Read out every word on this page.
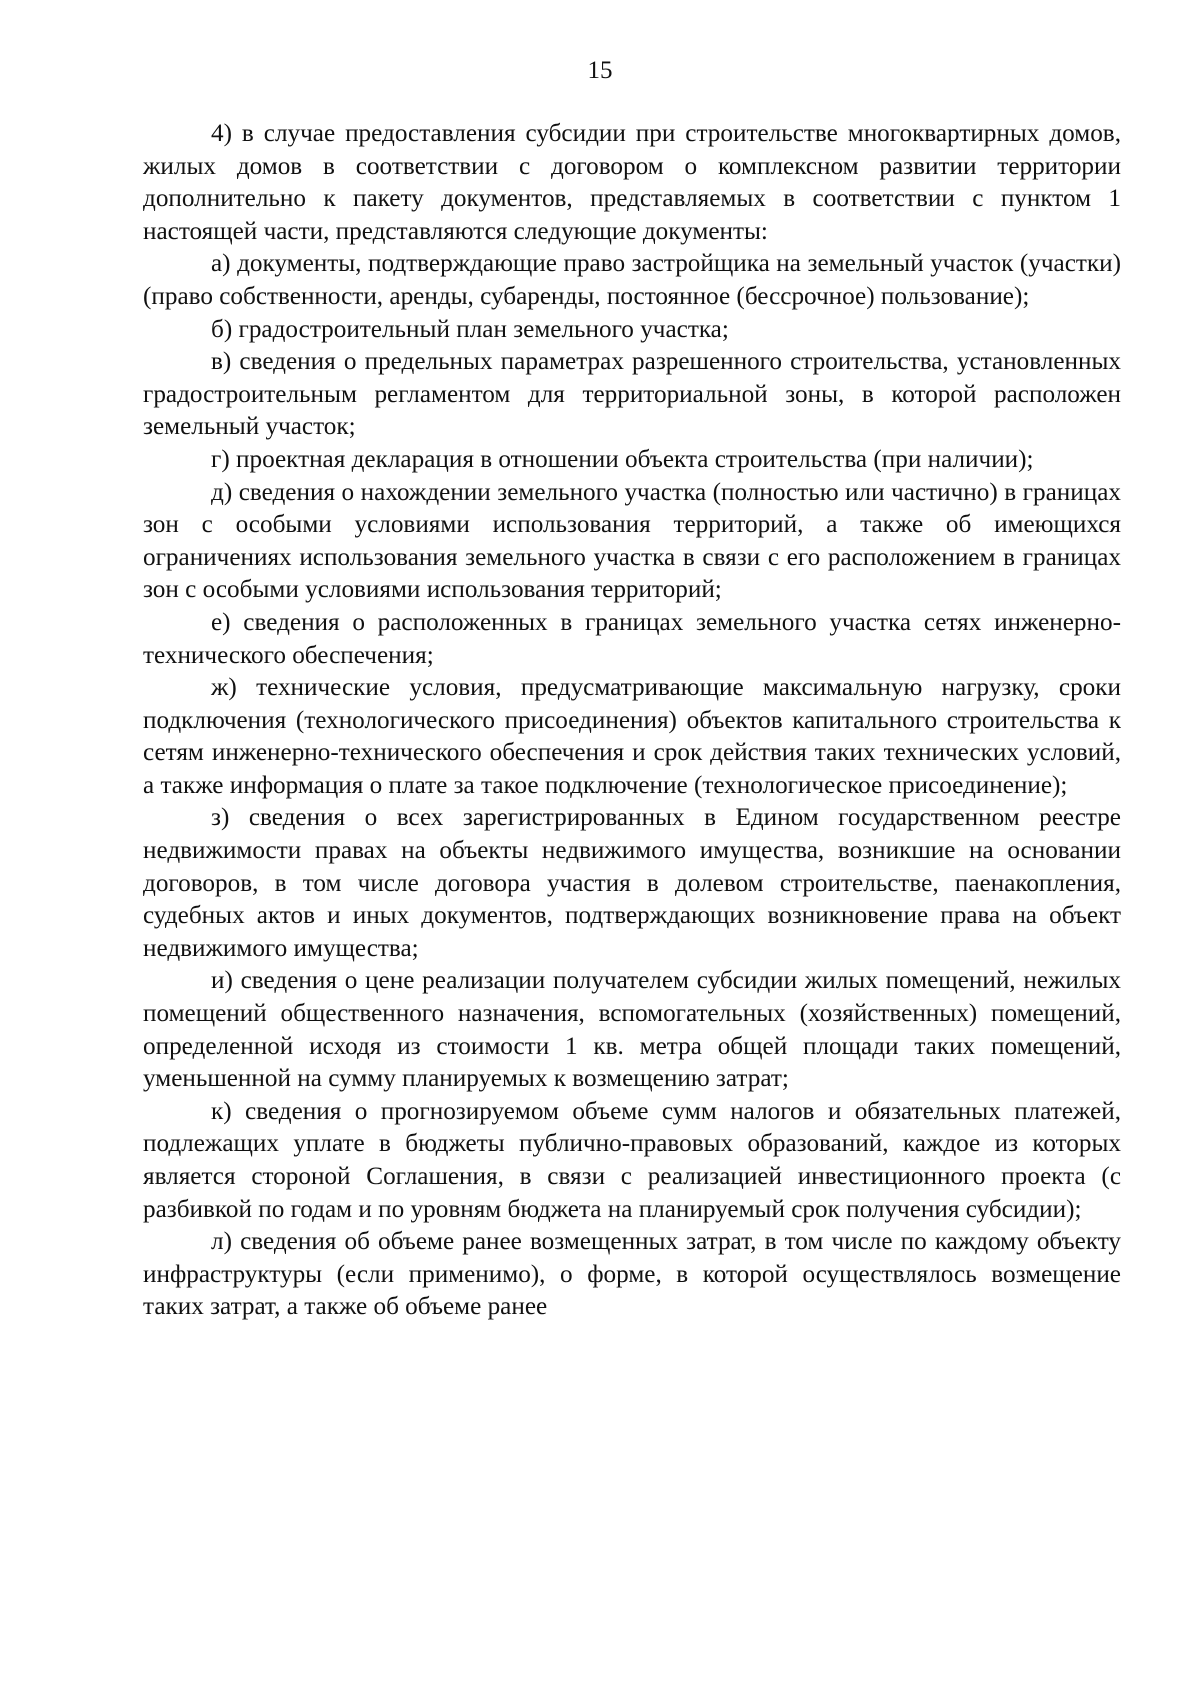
15

4) в случае предоставления субсидии при строительстве многоквартирных домов, жилых домов в соответствии с договором о комплексном развитии территории дополнительно к пакету документов, представляемых в соответствии с пунктом 1 настоящей части, представляются следующие документы:

а) документы, подтверждающие право застройщика на земельный участок (участки) (право собственности, аренды, субаренды, постоянное (бессрочное) пользование);

б) градостроительный план земельного участка;

в) сведения о предельных параметрах разрешенного строительства, установленных градостроительным регламентом для территориальной зоны, в которой расположен земельный участок;

г) проектная декларация в отношении объекта строительства (при наличии);

д) сведения о нахождении земельного участка (полностью или частично) в границах зон с особыми условиями использования территорий, а также об имеющихся ограничениях использования земельного участка в связи с его расположением в границах зон с особыми условиями использования территорий;

е) сведения о расположенных в границах земельного участка сетях инженерно-технического обеспечения;

ж) технические условия, предусматривающие максимальную нагрузку, сроки подключения (технологического присоединения) объектов капитального строительства к сетям инженерно-технического обеспечения и срок действия таких технических условий, а также информация о плате за такое подключение (технологическое присоединение);

з) сведения о всех зарегистрированных в Едином государственном реестре недвижимости правах на объекты недвижимого имущества, возникшие на основании договоров, в том числе договора участия в долевом строительстве, паенакопления, судебных актов и иных документов, подтверждающих возникновение права на объект недвижимого имущества;

и) сведения о цене реализации получателем субсидии жилых помещений, нежилых помещений общественного назначения, вспомогательных (хозяйственных) помещений, определенной исходя из стоимости 1 кв. метра общей площади таких помещений, уменьшенной на сумму планируемых к возмещению затрат;

к) сведения о прогнозируемом объеме сумм налогов и обязательных платежей, подлежащих уплате в бюджеты публично-правовых образований, каждое из которых является стороной Соглашения, в связи с реализацией инвестиционного проекта (с разбивкой по годам и по уровням бюджета на планируемый срок получения субсидии);

л) сведения об объеме ранее возмещенных затрат, в том числе по каждому объекту инфраструктуры (если применимо), о форме, в которой осуществлялось возмещение таких затрат, а также об объеме ранее
